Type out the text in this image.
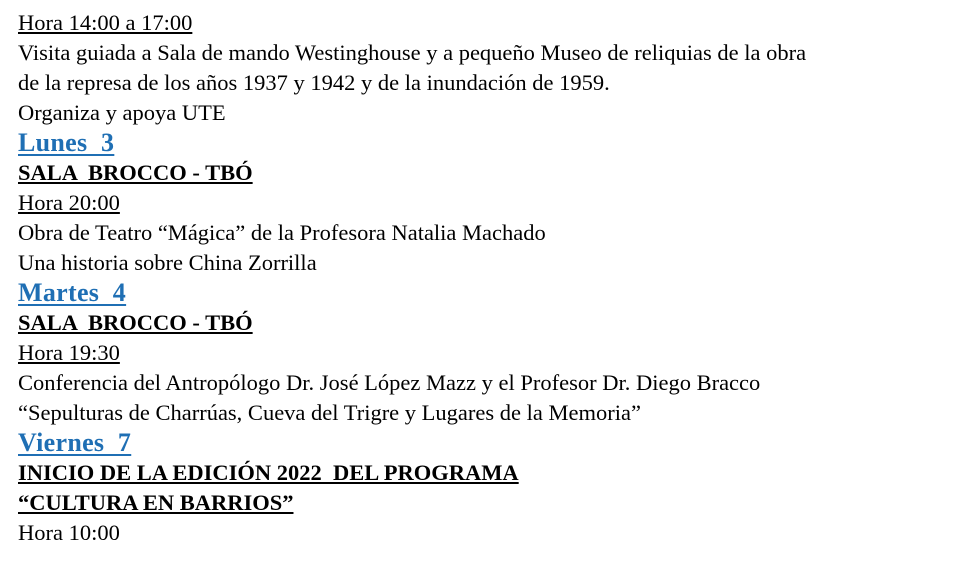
Hora 14:00 a 17:00
Visita guiada a Sala de mando Westinghouse y a pequeño Museo de reliquias de la obra
de la represa de los años 1937 y 1942 y de la inundación de 1959.
Organiza y apoya UTE
Lunes  3
SALA  BROCCO - TBÓ
Hora 20:00
Obra de Teatro “Mágica” de la Profesora Natalia Machado
Una historia sobre China Zorrilla
Martes  4
SALA  BROCCO - TBÓ
Hora 19:30
Conferencia del Antropólogo Dr. José López Mazz y el Profesor Dr. Diego Bracco
“Sepulturas de Charrúas, Cueva del Trigre y Lugares de la Memoria”
Viernes  7
INICIO DE LA EDICIÓN 2022  DEL PROGRAMA
“CULTURA EN BARRIOS”
Hora 10:00
